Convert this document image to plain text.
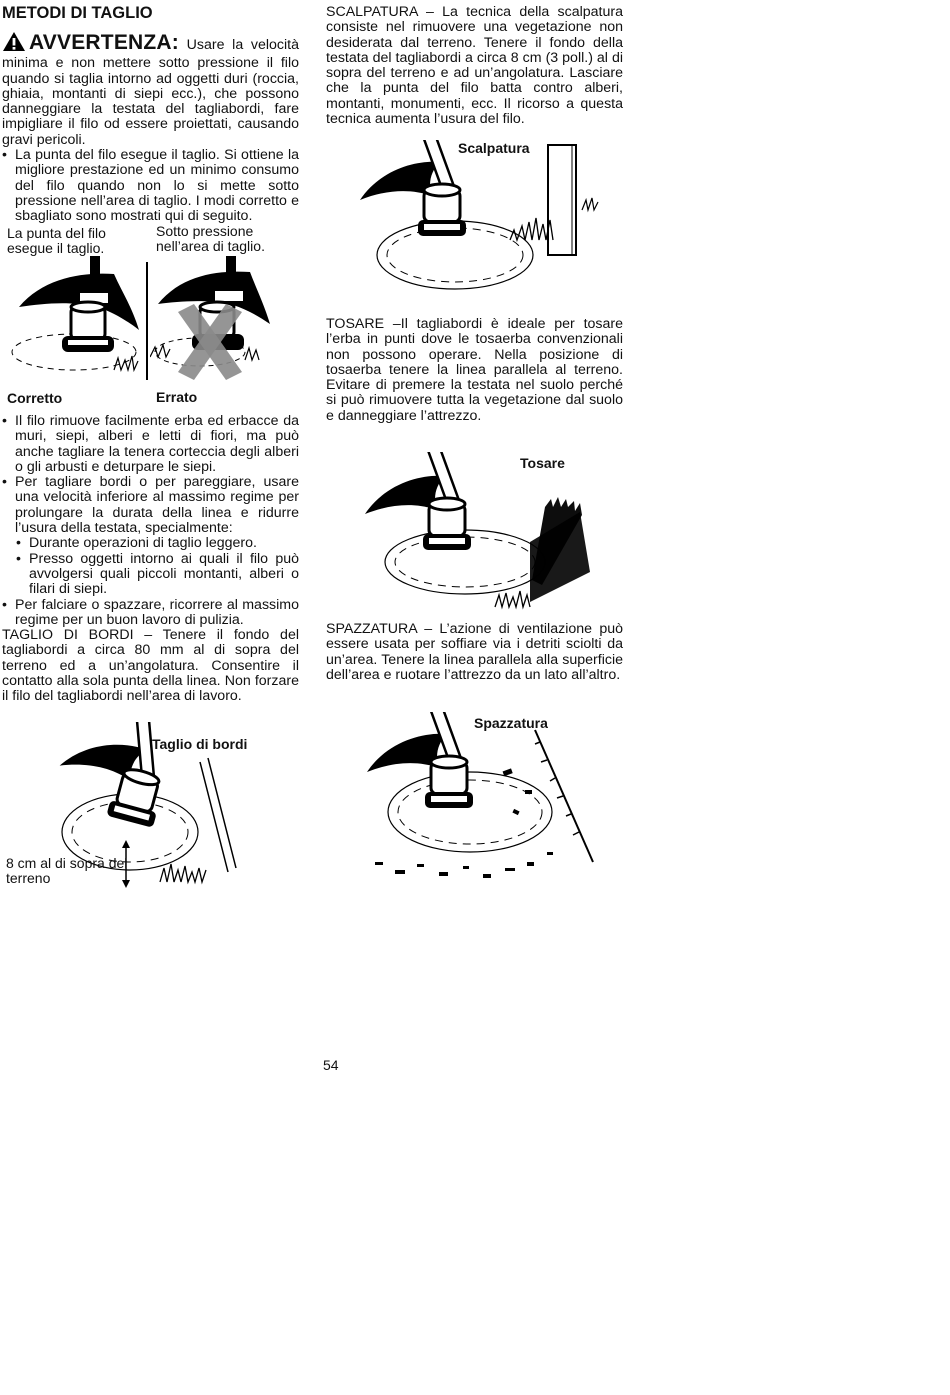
METODI DI TAGLIO

AVVERTENZA: Usare la velocità minima e non mettere sotto pressione il filo quando si taglia intorno ad oggetti duri (roccia, ghiaia, montanti di siepi ecc.), che possono danneggiare la testata del tagliabordi, fare impigliare il filo od essere proiettati, causando gravi pericoli.

• La punta del filo esegue il taglio. Si ottiene la migliore prestazione ed un minimo consumo del filo quando non lo si mette sotto pressione nell’area di taglio. I modi corretto e sbagliato sono mostrati qui di seguito.

La punta del filo esegue il taglio.
Sotto pressione nell’area di taglio.
Corretto	Errato

• Il filo rimuove facilmente erba ed erbacce da muri, siepi, alberi e letti di fiori, ma può anche tagliare la tenera corteccia degli alberi o gli arbusti e deturpare le siepi.

• Per tagliare bordi o per pareggiare, usare una velocità inferiore al massimo regime per prolungare la durata della linea e ridurre l’usura della testata, specialmente:

• Durante operazioni di taglio leggero.

• Presso oggetti intorno ai quali il filo può avvolgersi quali piccoli montanti, alberi o filari di siepi.

• Per falciare o spazzare, ricorrere al massimo regime per un buon lavoro di pulizia.

TAGLIO DI BORDI – Tenere il fondo del tagliabordi a circa 80 mm al di sopra del terreno ed a un’angolatura. Consentire il contatto alla sola punta della linea. Non forzare il filo del tagliabordi nell’area di lavoro.

Taglio di bordi
8 cm al di sopra del terreno

SCALPATURA – La tecnica della scalpatura consiste nel rimuovere una vegetazione non desiderata dal terreno. Tenere il fondo della testata del tagliabordi a circa 8 cm (3 poll.) al di sopra del terreno e ad un’angolatura. Lasciare che la punta del filo batta contro alberi, montanti, monumenti, ecc. Il ricorso a questa tecnica aumenta l’usura del filo.

Scalpatura

TOSARE –Il tagliabordi è ideale per tosare l’erba in punti dove le tosaerba convenzionali non possono operare. Nella posizione di tosaerba tenere la linea parallela al terreno. Evitare di premere la testata nel suolo perché si può rimuovere tutta la vegetazione dal suolo e danneggiare l’attrezzo.

Tosare

SPAZZATURA – L’azione di ventilazione può essere usata per soffiare via i detriti sciolti da un’area. Tenere la linea parallela alla superficie dell’area e ruotare l’attrezzo da un lato all’altro.

Spazzatura
54
